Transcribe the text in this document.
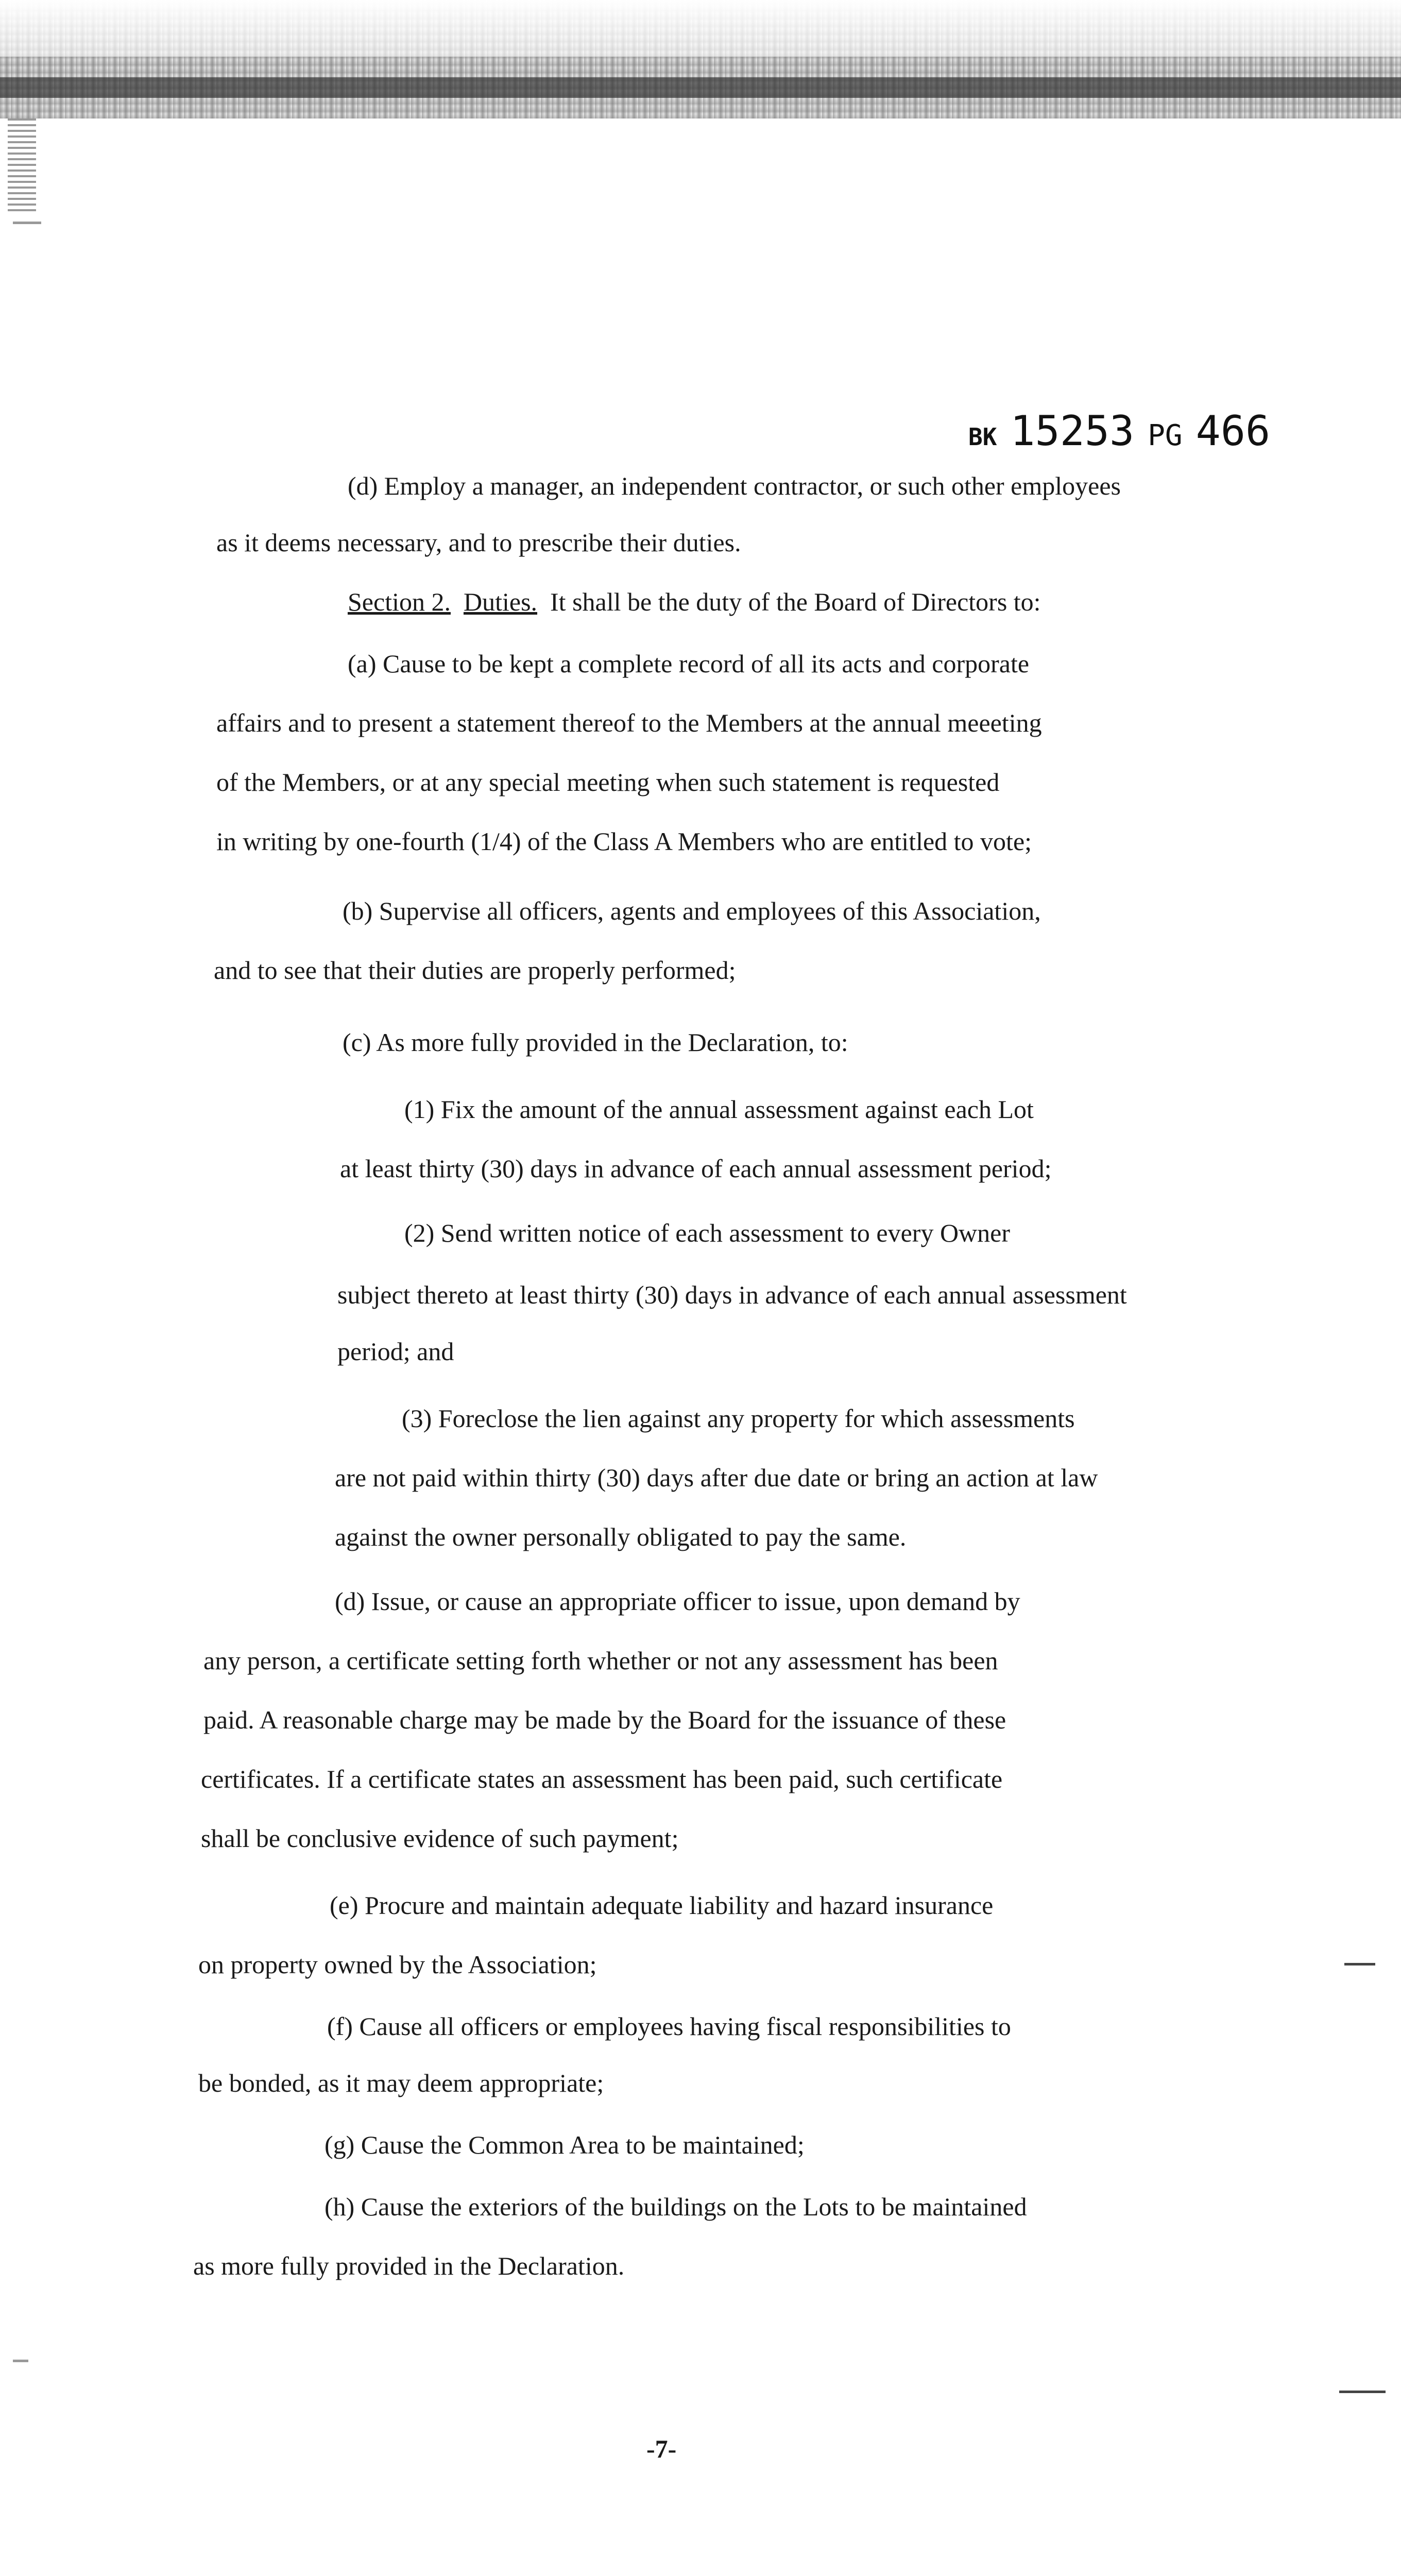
BK 15253 PG 466
(d) Employ a manager, an independent contractor, or such other employees
as it deems necessary, and to prescribe their duties.
Section 2. Duties. It shall be the duty of the Board of Directors to:
(a) Cause to be kept a complete record of all its acts and corporate
affairs and to present a statement thereof to the Members at the annual meeeting
of the Members, or at any special meeting when such statement is requested
in writing by one-fourth (1/4) of the Class A Members who are entitled to vote;
(b) Supervise all officers, agents and employees of this Association,
and to see that their duties are properly performed;
(c) As more fully provided in the Declaration, to:
(1) Fix the amount of the annual assessment against each Lot
at least thirty (30) days in advance of each annual assessment period;
(2) Send written notice of each assessment to every Owner
subject thereto at least thirty (30) days in advance of each annual assessment
period; and
(3) Foreclose the lien against any property for which assessments
are not paid within thirty (30) days after due date or bring an action at law
against the owner personally obligated to pay the same.
(d) Issue, or cause an appropriate officer to issue, upon demand by
any person, a certificate setting forth whether or not any assessment has been
paid. A reasonable charge may be made by the Board for the issuance of these
certificates. If a certificate states an assessment has been paid, such certificate
shall be conclusive evidence of such payment;
(e) Procure and maintain adequate liability and hazard insurance
on property owned by the Association;
(f) Cause all officers or employees having fiscal responsibilities to
be bonded, as it may deem appropriate;
(g) Cause the Common Area to be maintained;
(h) Cause the exteriors of the buildings on the Lots to be maintained
as more fully provided in the Declaration.
-7-
